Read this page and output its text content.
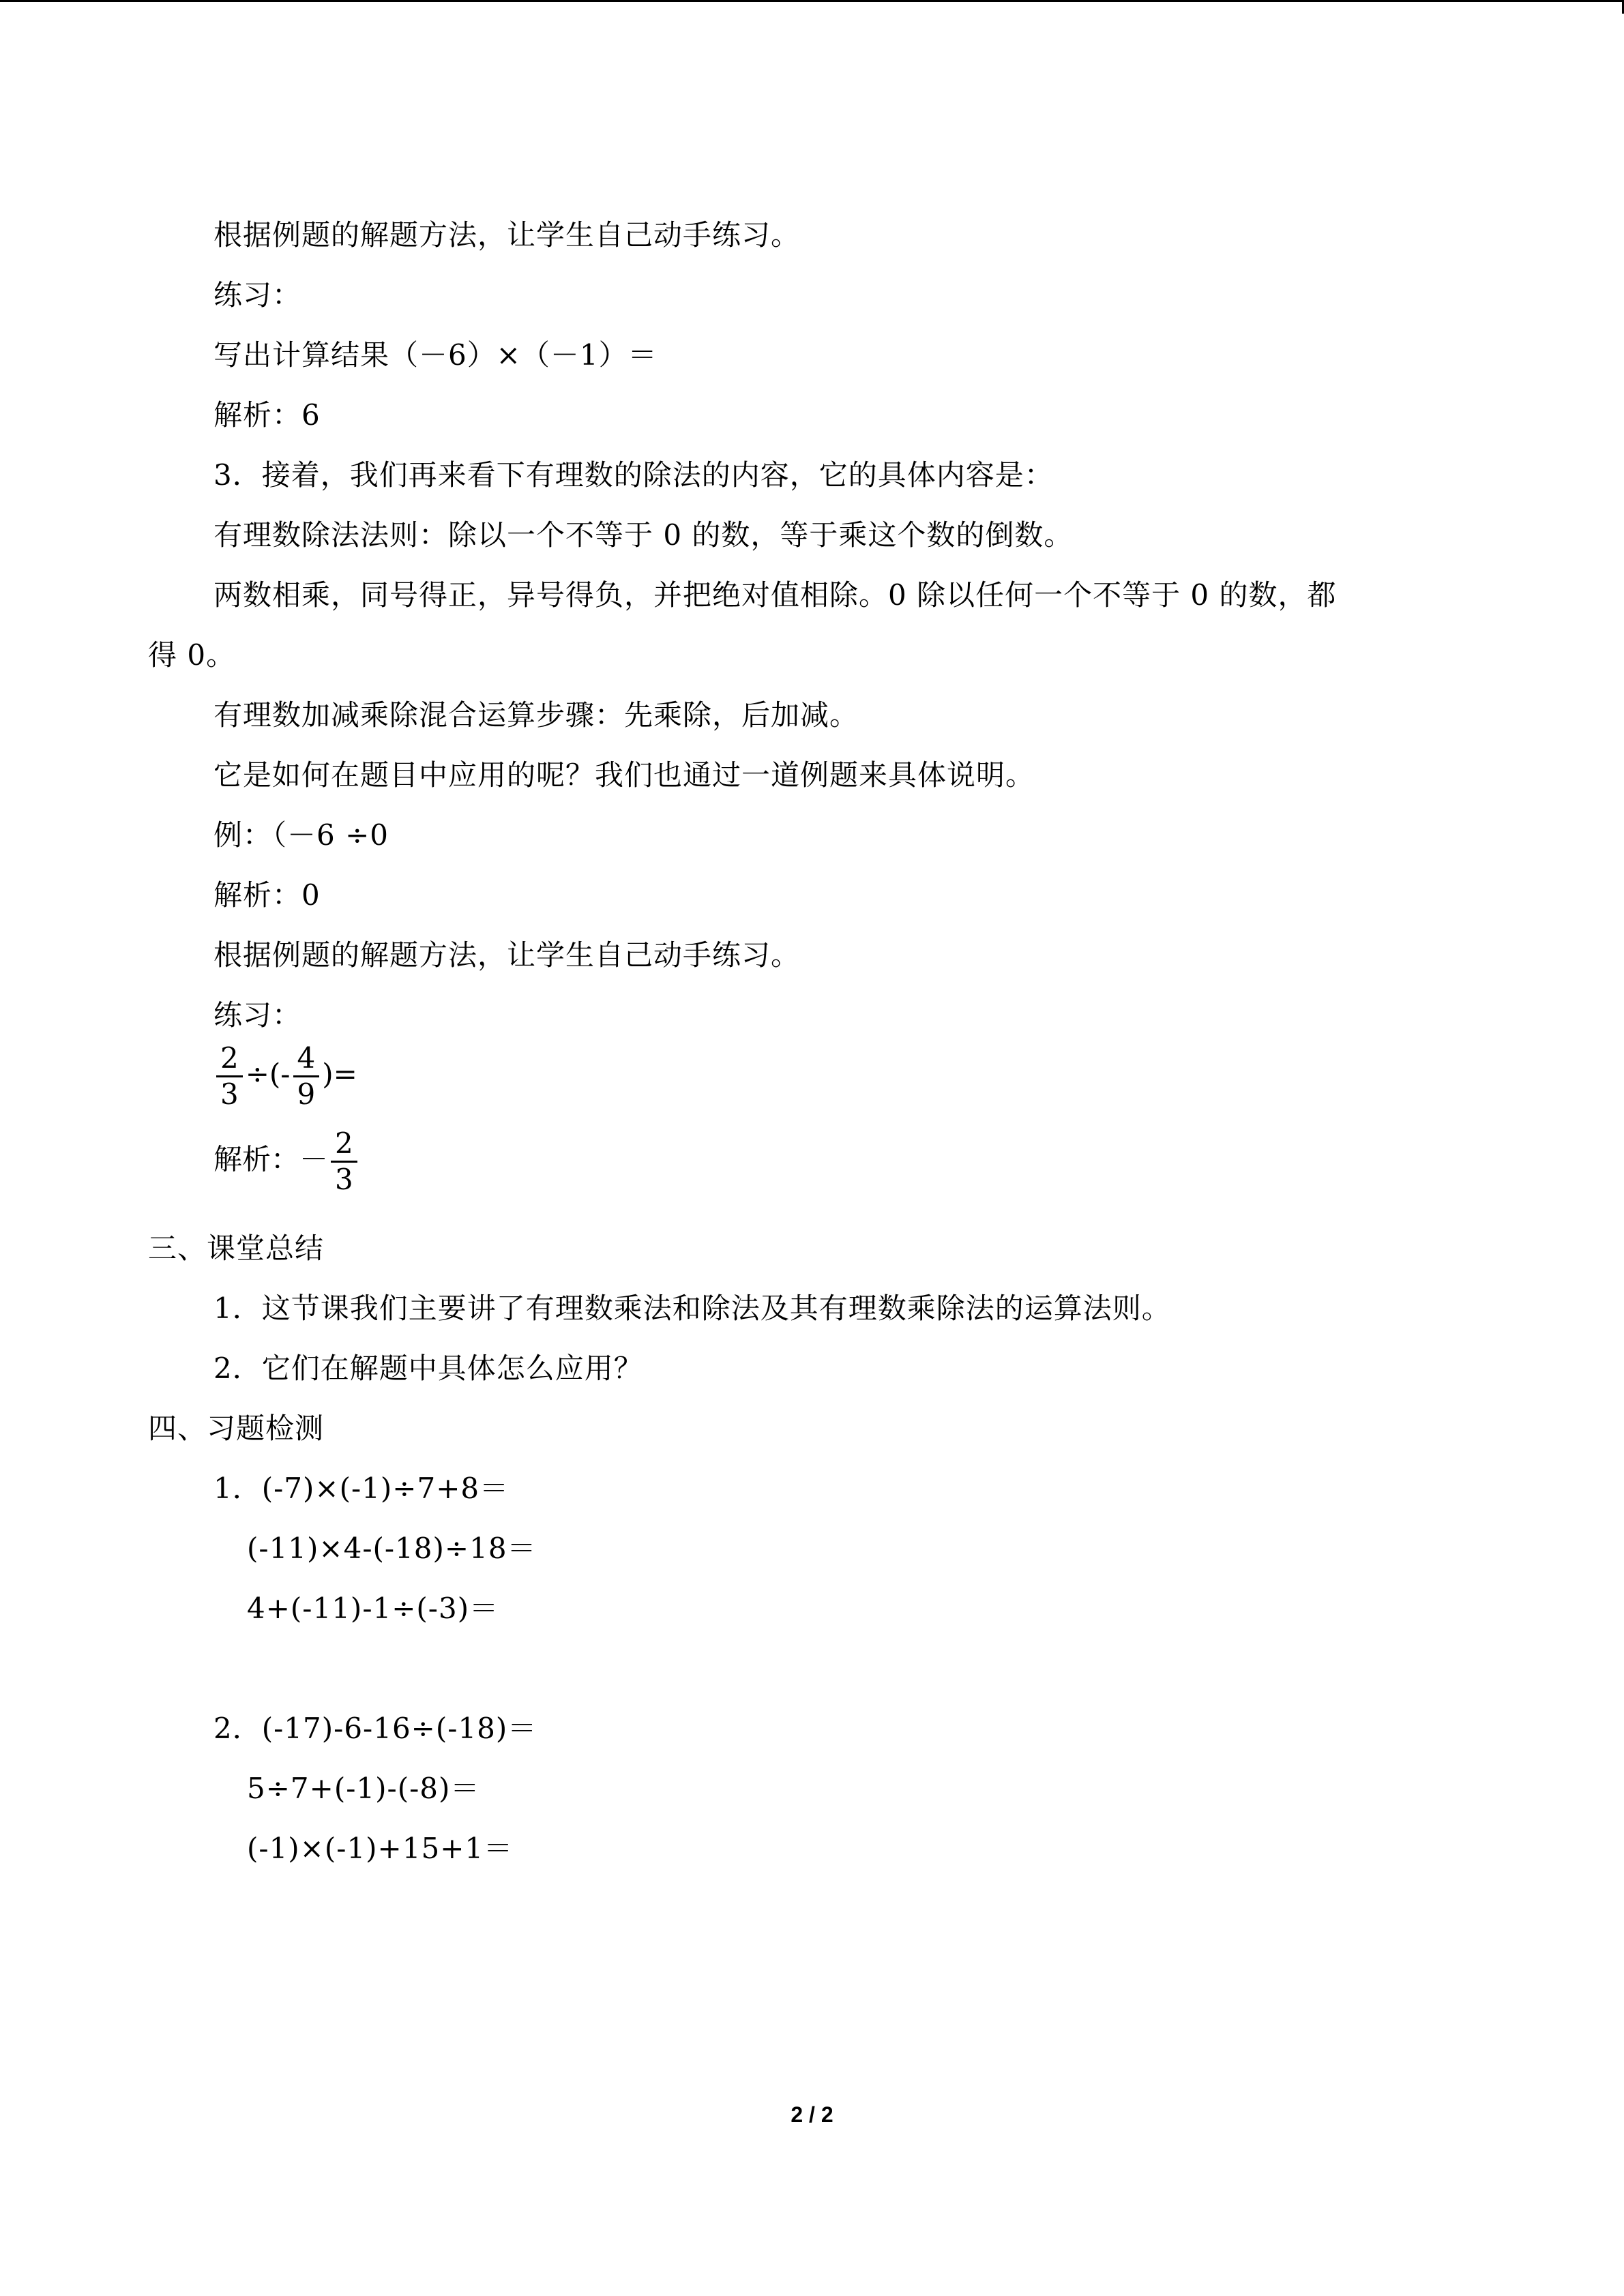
根据例题的解题方法，让学生自己动手练习。
练习：
写出计算结果（－6）×（－1）＝
解析：6
3．接着，我们再来看下有理数的除法的内容，它的具体内容是：
有理数除法法则：除以一个不等于 0 的数，等于乘这个数的倒数。
两数相乘，同号得正，异号得负，并把绝对值相除。0 除以任何一个不等于 0 的数，都
得 0。
有理数加减乘除混合运算步骤：先乘除，后加减。
它是如何在题目中应用的呢？我们也通过一道例题来具体说明。
例：（－6 ÷0
解析：0
根据例题的解题方法，让学生自己动手练习。
练习：
$\frac{2}{3}$ ÷(- $\frac{4}{9}$ )=
解析：－ $\frac{2}{3}$
三、课堂总结
1．这节课我们主要讲了有理数乘法和除法及其有理数乘除法的运算法则。
2．它们在解题中具体怎么应用？
四、习题检测
1．(-7)×(-1)÷7+8＝
(-11)×4-(-18)÷18＝
4+(-11)-1÷(-3)＝
2．(-17)-6-16÷(-18)＝
5÷7+(-1)-(-8)＝
(-1)×(-1)+15+1＝
2 / 2
